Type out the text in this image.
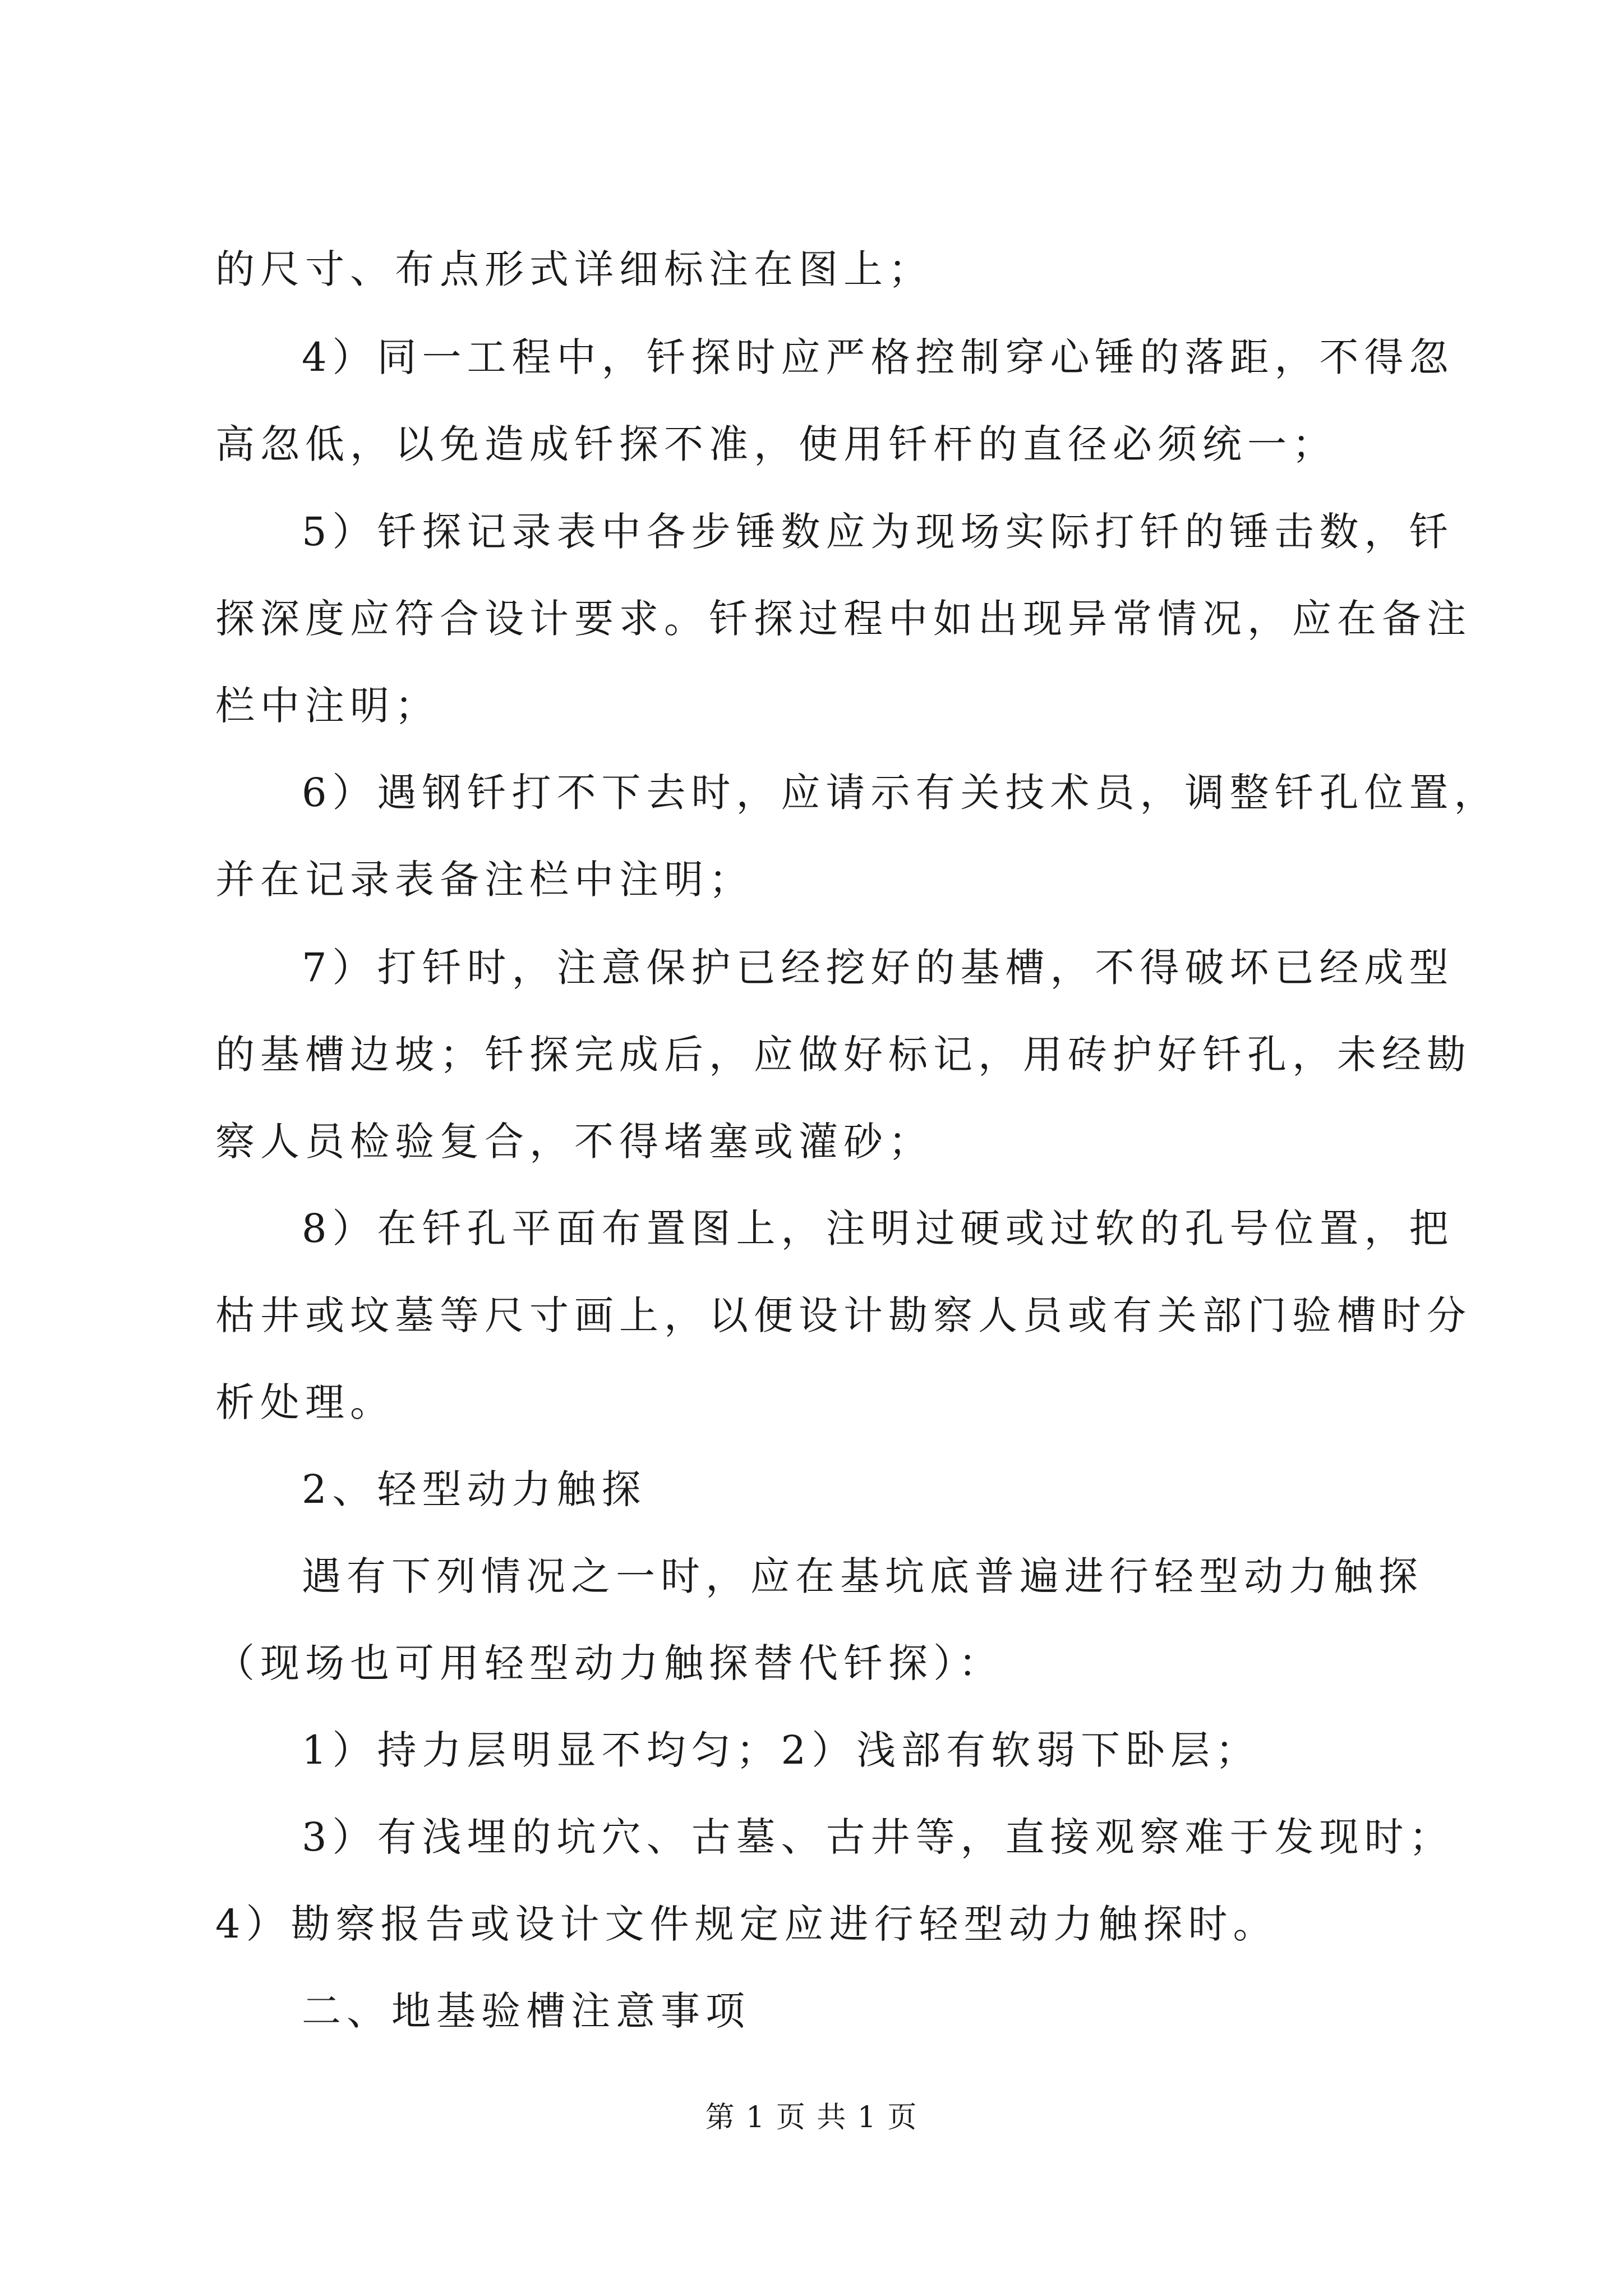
的尺寸、布点形式详细标注在图上；
4）同一工程中，钎探时应严格控制穿心锤的落距，不得忽
高忽低，以免造成钎探不准，使用钎杆的直径必须统一；
5）钎探记录表中各步锤数应为现场实际打钎的锤击数，钎
探深度应符合设计要求。钎探过程中如出现异常情况，应在备注
栏中注明；
6）遇钢钎打不下去时，应请示有关技术员，调整钎孔位置，
并在记录表备注栏中注明；
7）打钎时，注意保护已经挖好的基槽，不得破坏已经成型
的基槽边坡；钎探完成后，应做好标记，用砖护好钎孔，未经勘
察人员检验复合，不得堵塞或灌砂；
8）在钎孔平面布置图上，注明过硬或过软的孔号位置，把
枯井或坟墓等尺寸画上，以便设计勘察人员或有关部门验槽时分
析处理。
2、轻型动力触探
遇有下列情况之一时，应在基坑底普遍进行轻型动力触探
（现场也可用轻型动力触探替代钎探）：
1）持力层明显不均匀；2）浅部有软弱下卧层；
3）有浅埋的坑穴、古墓、古井等，直接观察难于发现时；
4）勘察报告或设计文件规定应进行轻型动力触探时。
二、地基验槽注意事项
第 1 页 共 1 页
